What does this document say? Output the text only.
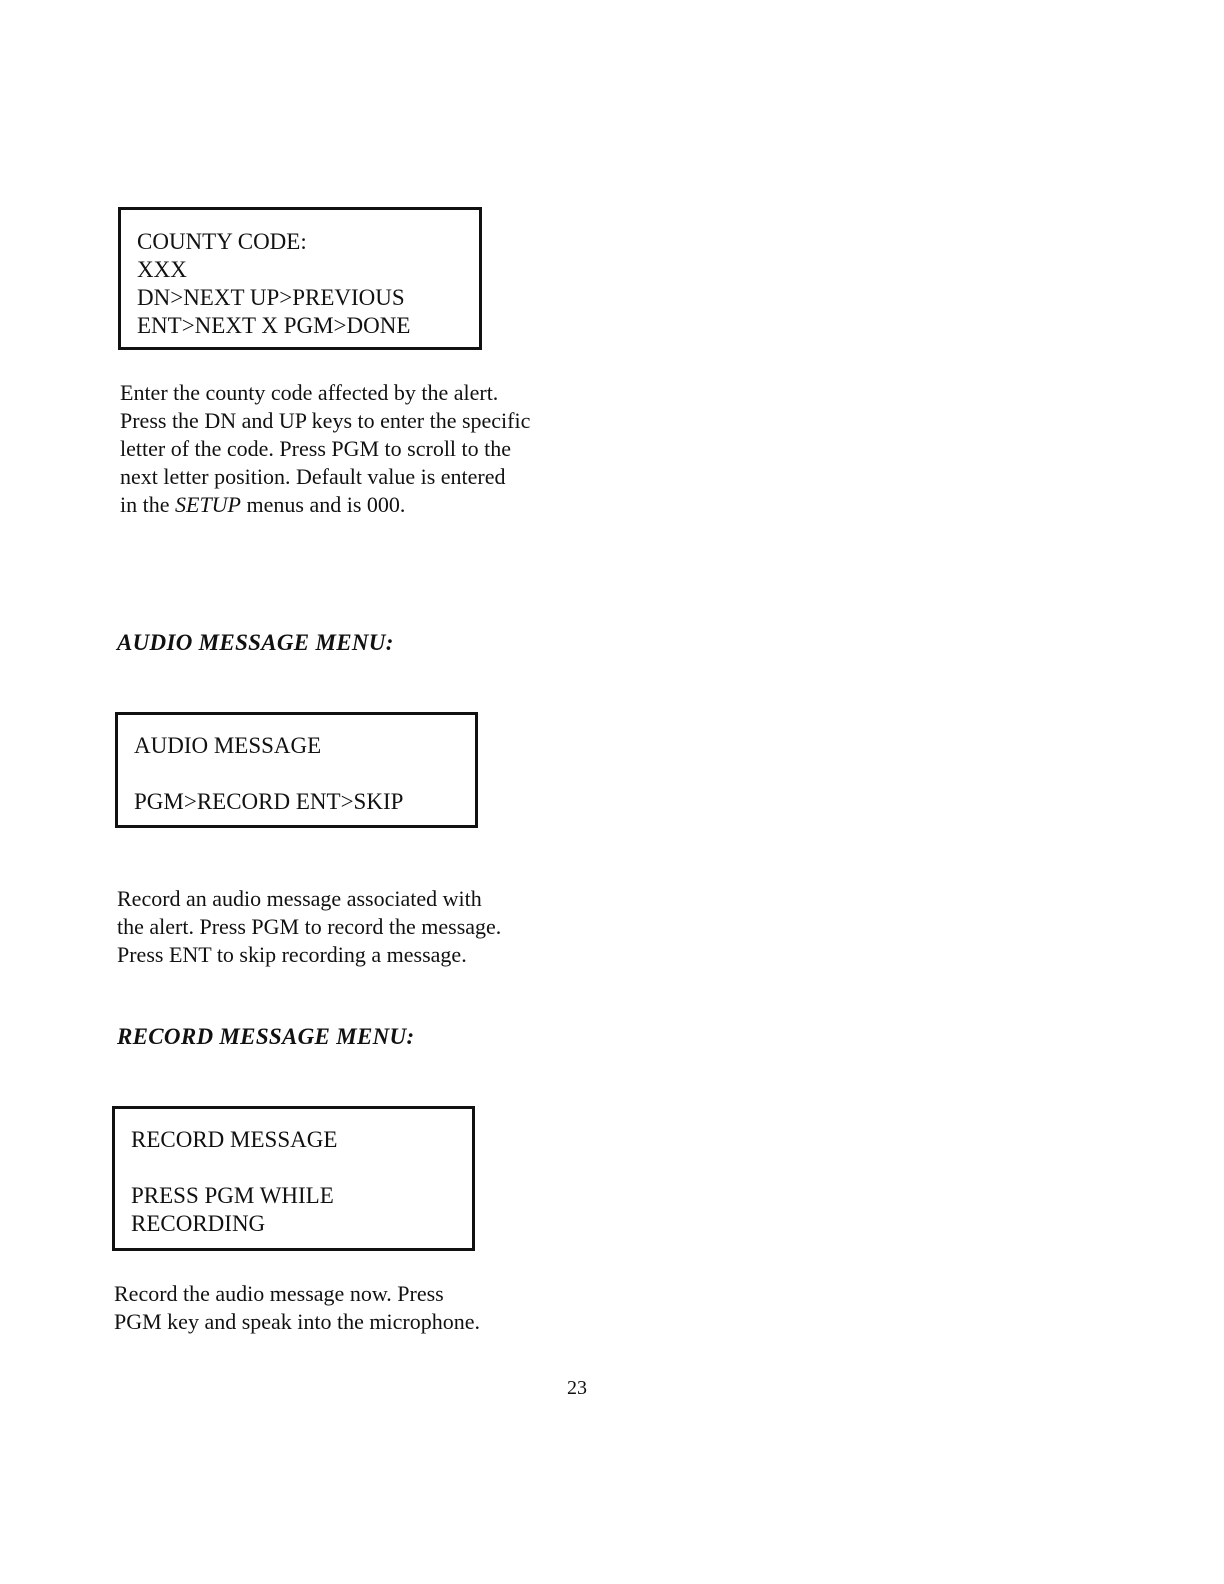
COUNTY CODE:
XXX
DN>NEXT UP>PREVIOUS
ENT>NEXT X PGM>DONE
Enter the county code affected by the alert.
Press the DN and UP keys to enter the specific
letter of the code. Press PGM to scroll to the
next letter position. Default value is entered
in the SETUP menus and is 000.
AUDIO MESSAGE MENU:
AUDIO MESSAGE
PGM>RECORD ENT>SKIP
Record an audio message associated with
the alert. Press PGM to record the message.
Press ENT to skip recording a message.
RECORD MESSAGE MENU:
RECORD MESSAGE
PRESS PGM WHILE
RECORDING
Record the audio message now. Press
PGM key and speak into the microphone.
23
